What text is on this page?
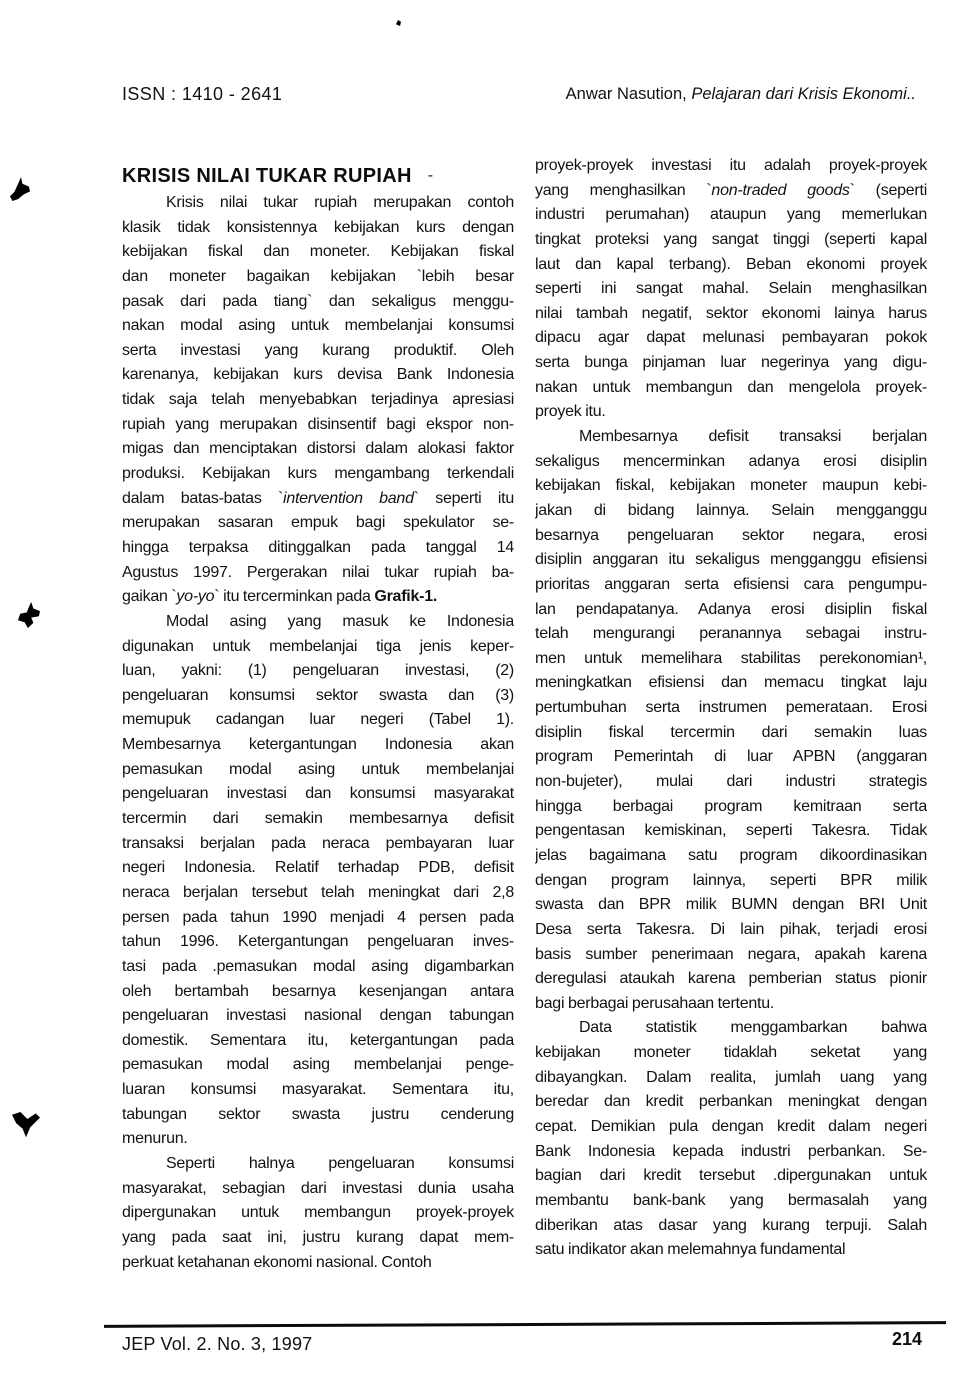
ISSN : 1410 - 2641	Anwar Nasution, Pelajaran dari Krisis Ekonomi..
KRISIS NILAI TUKAR RUPIAH -
Krisis nilai tukar rupiah merupakan contoh
klasik tidak konsistennya kebijakan kurs dengan
kebijakan fiskal dan moneter. Kebijakan fiskal
dan moneter bagaikan kebijakan `lebih besar
pasak dari pada tiang` dan sekaligus menggu-
nakan modal asing untuk membelanjai konsumsi
serta investasi yang kurang produktif. Oleh
karenanya, kebijakan kurs devisa Bank Indonesia
tidak saja telah menyebabkan terjadinya apresiasi
rupiah yang merupakan disinsentif bagi ekspor non-
migas dan menciptakan distorsi dalam alokasi faktor
produksi. Kebijakan kurs mengambang terkendali
dalam batas-batas `intervention band` seperti itu
merupakan sasaran empuk bagi spekulator se-
hingga terpaksa ditinggalkan pada tanggal 14
Agustus 1997. Pergerakan nilai tukar rupiah ba-
gaikan `yo-yo` itu tercerminkan pada Grafik-1.
Modal asing yang masuk ke Indonesia
digunakan untuk membelanjai tiga jenis keper-
luan, yakni: (1) pengeluaran investasi, (2)
pengeluaran konsumsi sektor swasta dan (3)
memupuk cadangan luar negeri (Tabel 1).
Membesarnya ketergantungan Indonesia akan
pemasukan modal asing untuk membelanjai
pengeluaran investasi dan konsumsi masyarakat
tercermin dari semakin membesarnya defisit
transaksi berjalan pada neraca pembayaran luar
negeri Indonesia. Relatif terhadap PDB, defisit
neraca berjalan tersebut telah meningkat dari 2,8
persen pada tahun 1990 menjadi 4 persen pada
tahun 1996. Ketergantungan pengeluaran inves-
tasi pada .pemasukan modal asing digambarkan
oleh bertambah besarnya kesenjangan antara
pengeluaran investasi nasional dengan tabungan
domestik. Sementara itu, ketergantungan pada
pemasukan modal asing membelanjai penge-
luaran konsumsi masyarakat. Sementara itu,
tabungan sektor swasta justru cenderung
menurun.
Seperti halnya pengeluaran konsumsi
masyarakat, sebagian dari investasi dunia usaha
dipergunakan untuk membangun proyek-proyek
yang pada saat ini, justru kurang dapat mem-
perkuat ketahanan ekonomi nasional. Contoh
proyek-proyek investasi itu adalah proyek-proyek
yang menghasilkan `non-traded goods` (seperti
industri perumahan) ataupun yang memerlukan
tingkat proteksi yang sangat tinggi (seperti kapal
laut dan kapal terbang). Beban ekonomi proyek
seperti ini sangat mahal. Selain menghasilkan
nilai tambah negatif, sektor ekonomi lainya harus
dipacu agar dapat melunasi pembayaran pokok
serta bunga pinjaman luar negerinya yang digu-
nakan untuk membangun dan mengelola proyek-
proyek itu.
Membesarnya defisit transaksi berjalan
sekaligus mencerminkan adanya erosi disiplin
kebijakan fiskal, kebijakan moneter maupun kebi-
jakan di bidang lainnya. Selain mengganggu
besarnya pengeluaran sektor negara, erosi
disiplin anggaran itu sekaligus mengganggu efisiensi
prioritas anggaran serta efisiensi cara pengumpu-
lan pendapatanya. Adanya erosi disiplin fiskal
telah mengurangi peranannya sebagai instru-
men untuk memelihara stabilitas perekonomian¹,
meningkatkan efisiensi dan memacu tingkat laju
pertumbuhan serta instrumen pemerataan. Erosi
disiplin fiskal tercermin dari semakin luas
program Pemerintah di luar APBN (anggaran
non-bujeter), mulai dari industri strategis
hingga berbagai program kemitraan serta
pengentasan kemiskinan, seperti Takesra. Tidak
jelas bagaimana satu program dikoordinasikan
dengan program lainnya, seperti BPR milik
swasta dan BPR milik BUMN dengan BRI Unit
Desa serta Takesra. Di lain pihak, terjadi erosi
basis sumber penerimaan negara, apakah karena
deregulasi ataukah karena pemberian status pionir
bagi berbagai perusahaan tertentu.
Data statistik menggambarkan bahwa
kebijakan moneter tidaklah seketat yang
dibayangkan. Dalam realita, jumlah uang yang
beredar dan kredit perbankan meningkat dengan
cepat. Demikian pula dengan kredit dalam negeri
Bank Indonesia kepada industri perbankan. Se-
bagian dari kredit tersebut .dipergunakan untuk
membantu bank-bank yang bermasalah yang
diberikan atas dasar yang kurang terpuji. Salah
satu indikator akan melemahnya fundamental
JEP Vol. 2. No. 3, 1997	214
